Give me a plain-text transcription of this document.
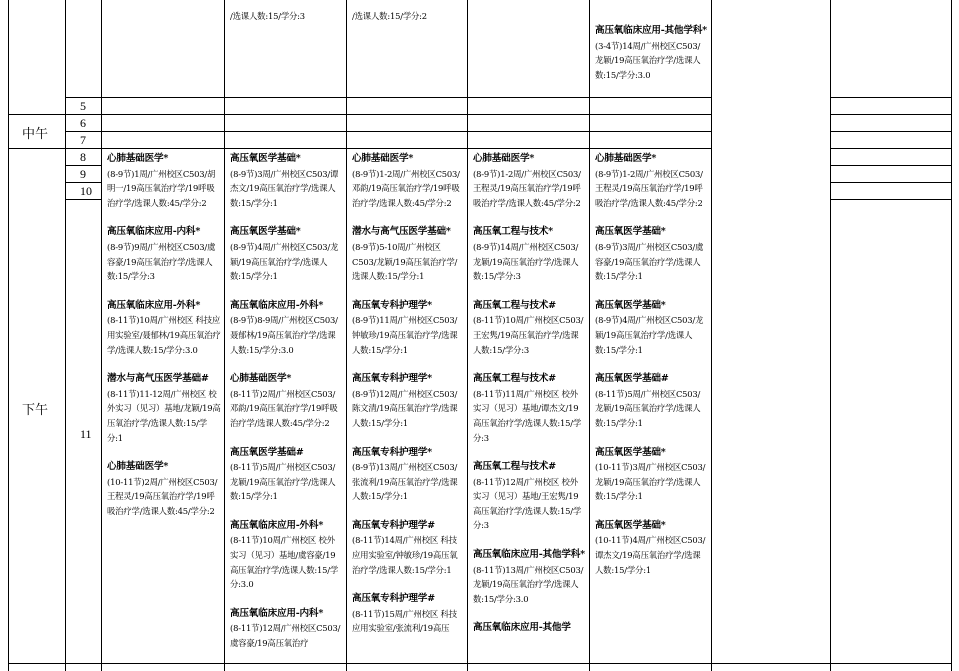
中午
下午
5
6
7
8
9
10
11
/选课人数:15/学分:3	/选课人数:15/学分:2
高压氧临床应用-其他学科*
(3-4节)14周/广州校区C503/龙颖/19高压氧治疗学/选课人数:15/学分:3.0
心肺基础医学*
(8-9节)1周/广州校区C503/胡明一/19高压氧治疗学/19呼吸治疗学/选课人数:45/学分:2
高压氧临床应用-内科*
(8-9节)9周/广州校区C503/虞容豪/19高压氧治疗学/选课人数:15/学分:3
高压氧临床应用-外科*
(8-11节)10周/广州校区 科技应用实验室/聂郁林/19高压氧治疗学/选课人数:15/学分:3.0
潜水与高气压医学基础#
(8-11节)11-12周/广州校区 校外实习（见习）基地/龙颖/19高压氧治疗学/选课人数:15/学分:1
心肺基础医学*
(10-11节)2周/广州校区C503/王程灵/19高压氧治疗学/19呼吸治疗学/选课人数:45/学分:2
高压氧医学基础*
(8-9节)3周/广州校区C503/谭杰文/19高压氧治疗学/选课人数:15/学分:1
高压氧医学基础*
(8-9节)4周/广州校区C503/龙颖/19高压氧治疗学/选课人数:15/学分:1
高压氧临床应用-外科*
(8-9节)8-9周/广州校区C503/聂郁林/19高压氧治疗学/选课人数:15/学分:3.0
心肺基础医学*
(8-11节)2周/广州校区C503/邓韵/19高压氧治疗学/19呼吸治疗学/选课人数:45/学分:2
高压氧医学基础#
(8-11节)5周/广州校区C503/龙颖/19高压氧治疗学/选课人数:15/学分:1
高压氧临床应用-外科*
(8-11节)10周/广州校区 校外实习（见习）基地/虞容豪/19高压氧治疗学/选课人数:15/学分:3.0
高压氧临床应用-内科*
(8-11节)12周/广州校区C503/虞容豪/19高压氧治疗
心肺基础医学*
(8-9节)1-2周/广州校区C503/邓韵/19高压氧治疗学/19呼吸治疗学/选课人数:45/学分:2
潜水与高气压医学基础*
(8-9节)5-10周/广州校区C503/龙颖/19高压氧治疗学/选课人数:15/学分:1
高压氧专科护理学*
(8-9节)11周/广州校区C503/钟敏珍/19高压氧治疗学/选课人数:15/学分:1
高压氧专科护理学*
(8-9节)12周/广州校区C503/陈文清/19高压氧治疗学/选课人数:15/学分:1
高压氧专科护理学*
(8-9节)13周/广州校区C503/张流利/19高压氧治疗学/选课人数:15/学分:1
高压氧专科护理学#
(8-11节)14周/广州校区 科技应用实验室/钟敏珍/19高压氧治疗学/选课人数:15/学分:1
高压氧专科护理学#
(8-11节)15周/广州校区 科技应用实验室/张流利/19高压
心肺基础医学*
(8-9节)1-2周/广州校区C503/王程灵/19高压氧治疗学/19呼吸治疗学/选课人数:45/学分:2
高压氧工程与技术*
(8-9节)14周/广州校区C503/龙颖/19高压氧治疗学/选课人数:15/学分:3
高压氧工程与技术#
(8-11节)10周/广州校区C503/王宏隽/19高压氧治疗学/选课人数:15/学分:3
高压氧工程与技术#
(8-11节)11周/广州校区 校外实习（见习）基地/谭杰文/19高压氧治疗学/选课人数:15/学分:3
高压氧工程与技术#
(8-11节)12周/广州校区 校外实习（见习）基地/王宏隽/19高压氧治疗学/选课人数:15/学分:3
高压氧临床应用-其他学科*
(8-11节)13周/广州校区C503/龙颖/19高压氧治疗学/选课人数:15/学分:3.0
高压氧临床应用-其他学
心肺基础医学*
(8-9节)1-2周/广州校区C503/王程灵/19高压氧治疗学/19呼吸治疗学/选课人数:45/学分:2
高压氧医学基础*
(8-9节)3周/广州校区C503/虞容豪/19高压氧治疗学/选课人数:15/学分:1
高压氧医学基础*
(8-9节)4周/广州校区C503/龙颖/19高压氧治疗学/选课人数:15/学分:1
高压氧医学基础#
(8-11节)5周/广州校区C503/龙颖/19高压氧治疗学/选课人数:15/学分:1
高压氧医学基础*
(10-11节)3周/广州校区C503/龙颖/19高压氧治疗学/选课人数:15/学分:1
高压氧医学基础*
(10-11节)4周/广州校区C503/谭杰文/19高压氧治疗学/选课人数:15/学分:1
